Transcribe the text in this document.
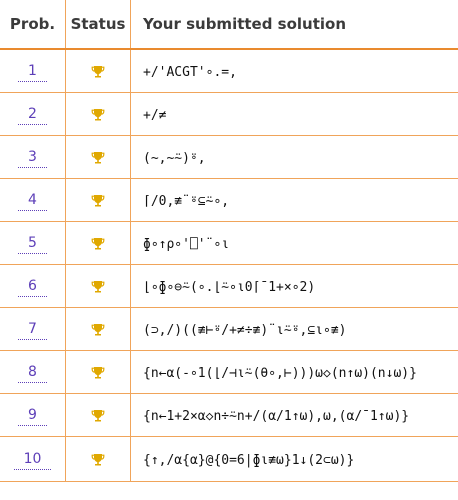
Prob.	Status	Your submitted solution
1		+/'ACGT'∘.=,
2		+/≠
3		(~,~⍨)⍤,
4		⌈/0,≢¨⍤⊆⍨∘,
5		ɸ∘↑ρ∘'⎕'¨∘ι
6		⌊∘ɸ∘⊖⍨(∘.⌊⍨∘ι0⌈¯1+×∘2)
7		(⊃,/)((≢⊢⍤/+≠÷≢)¨ι⍨⍤,⊆ι∘≢)
8		{n←α(-∘1(⌊/⊣ι⍨(θ∘,⊢)))ω◇(n↑ω)(n↓ω)}
9		{n←1+2×α◇n÷⍨n+/(α/1↑ω),ω,(α/¯1↑ω)}
10		{↑,/α{α}@{0=6|ɸι≢ω}1↓(2⊂ω)}
